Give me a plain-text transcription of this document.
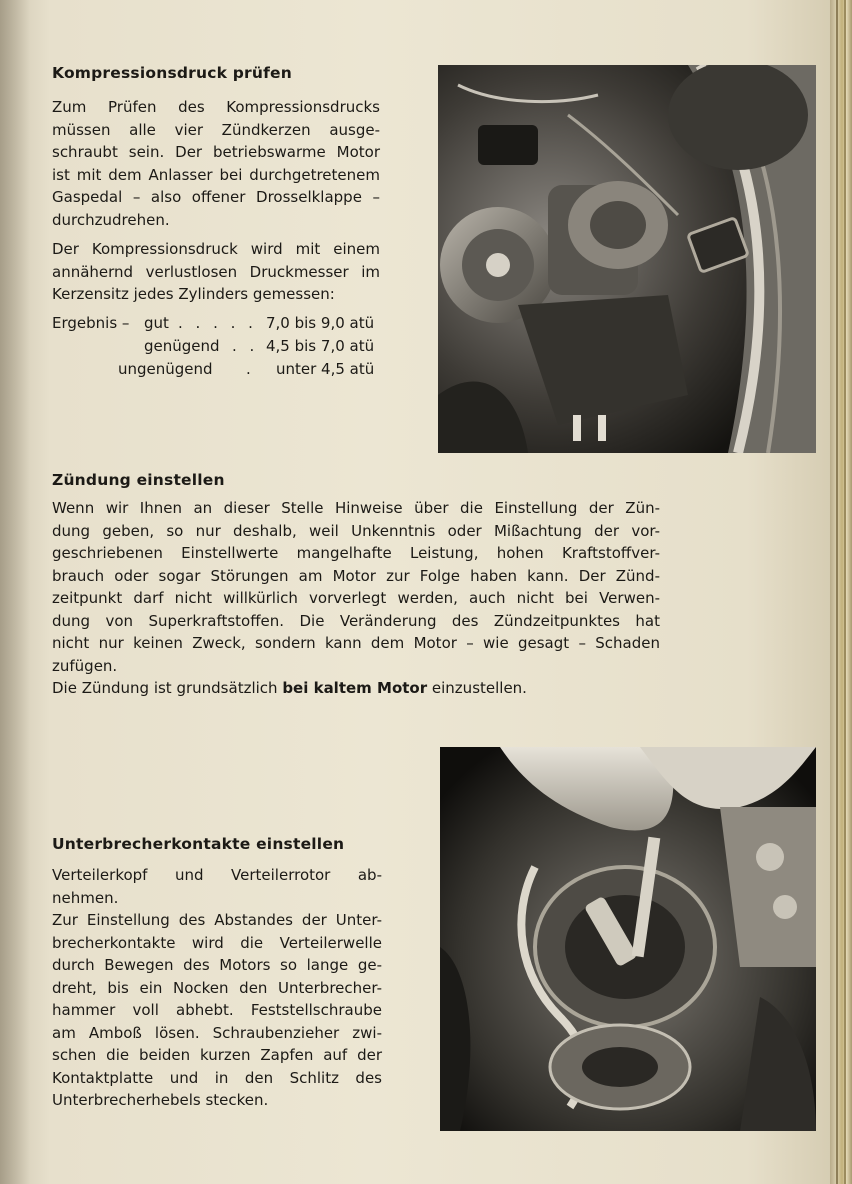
Kompressionsdruck prüfen
Zum Prüfen des Kompressionsdrucks
müssen alle vier Zündkerzen ausge-
schraubt sein. Der betriebswarme Motor
ist mit dem Anlasser bei durchgetretenem
Gaspedal – also offener Drosselklappe –
durchzudrehen.
Der Kompressionsdruck wird mit einem
annähernd verlustlosen Druckmesser im
Kerzensitz jedes Zylinders gemessen:
Ergebnis – gut . . . . . 7,0 bis 9,0 atü
genügend . . 4,5 bis 7,0 atü
ungenügend . unter 4,5 atü
Zündung einstellen
Wenn wir Ihnen an dieser Stelle Hinweise über die Einstellung der Zün-
dung geben, so nur deshalb, weil Unkenntnis oder Mißachtung der vor-
geschriebenen Einstellwerte mangelhafte Leistung, hohen Kraftstoffver-
brauch oder sogar Störungen am Motor zur Folge haben kann. Der Zünd-
zeitpunkt darf nicht willkürlich vorverlegt werden, auch nicht bei Verwen-
dung von Superkraftstoffen. Die Veränderung des Zündzeitpunktes hat
nicht nur keinen Zweck, sondern kann dem Motor – wie gesagt – Schaden
zufügen.
Die Zündung ist grundsätzlich bei kaltem Motor einzustellen.
Unterbrecherkontakte einstellen
Verteilerkopf und Verteilerrotor ab-
nehmen.
Zur Einstellung des Abstandes der Unter-
brecherkontakte wird die Verteilerwelle
durch Bewegen des Motors so lange ge-
dreht, bis ein Nocken den Unterbrecher-
hammer voll abhebt. Feststellschraube
am Amboß lösen. Schraubenzieher zwi-
schen die beiden kurzen Zapfen auf der
Kontaktplatte und in den Schlitz des
Unterbrecherhebels stecken.
